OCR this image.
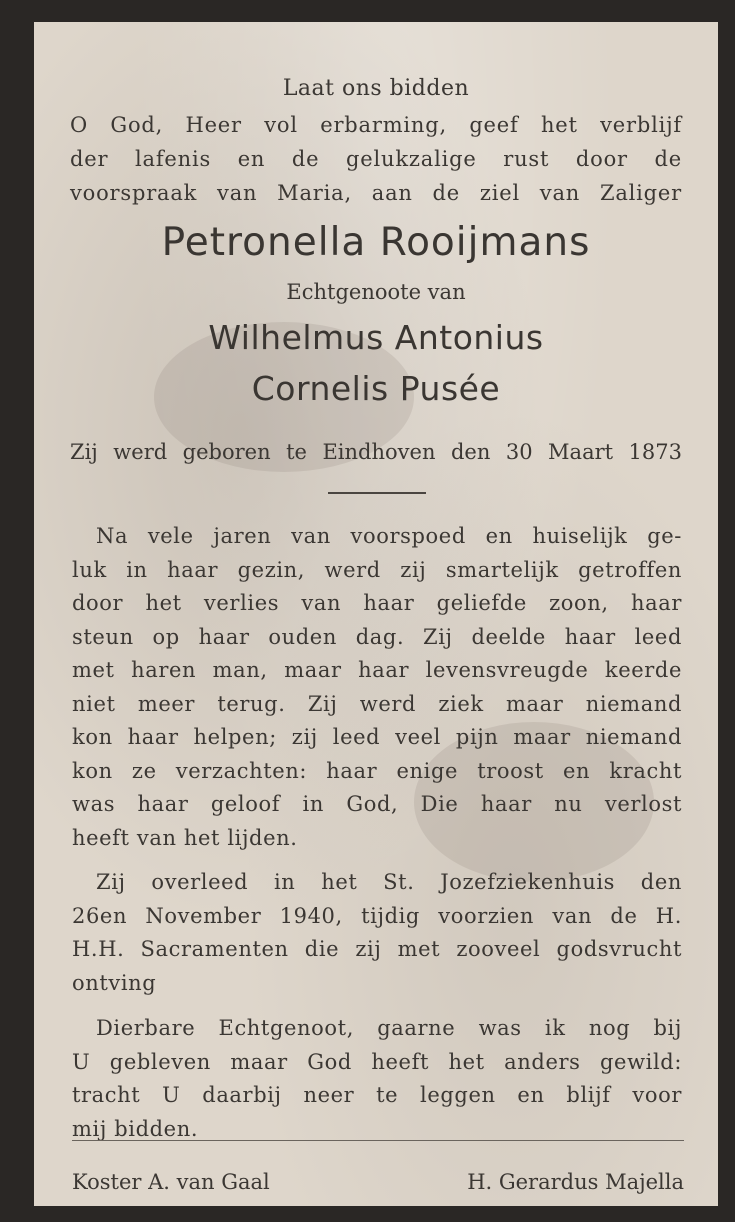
Laat ons bidden
O God, Heer vol erbarming, geef het verblijf
der lafenis en de gelukzalige rust door de
voorspraak van Maria, aan de ziel van Zaliger
Petronella Rooijmans
Echtgenoote van
Wilhelmus Antonius
Cornelis Pusée
Zij werd geboren te Eindhoven den 30 Maart 1873
Na vele jaren van voorspoed en huiselijk ge-
luk in haar gezin, werd zij smartelijk getroffen
door het verlies van haar geliefde zoon, haar
steun op haar ouden dag. Zij deelde haar leed
met haren man, maar haar levensvreugde keerde
niet meer terug. Zij werd ziek maar niemand
kon haar helpen; zij leed veel pijn maar niemand
kon ze verzachten: haar enige troost en kracht
was haar geloof in God, Die haar nu verlost
heeft van het lijden.
Zij overleed in het St. Jozefziekenhuis den
26en November 1940, tijdig voorzien van de H.
H.H. Sacramenten die zij met zooveel godsvrucht
ontving
Dierbare Echtgenoot, gaarne was ik nog bij
U gebleven maar God heeft het anders gewild:
tracht U daarbij neer te leggen en blijf voor
mij bidden.
Koster A. van Gaal	H. Gerardus Majella
